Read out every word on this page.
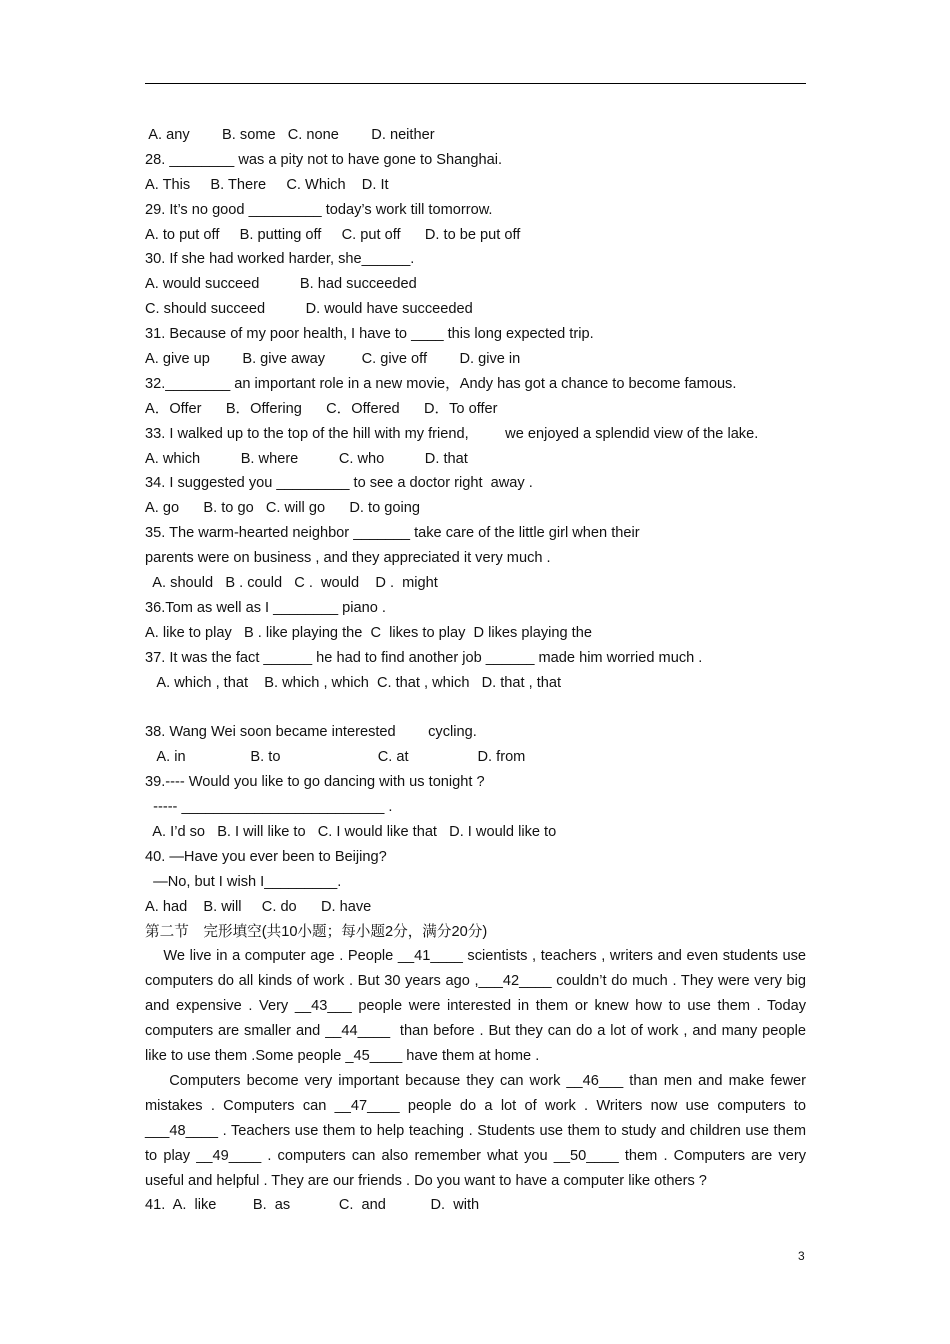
A. any        B. some   C. none        D. neither
28. ________ was a pity not to have gone to Shanghai.
A. This     B. There     C. Which    D. It
29. It’s no good _________ today’s work till tomorrow.
A. to put off     B. putting off     C. put off      D. to be put off
30. If she had worked harder, she______.
A. would succeed          B. had succeeded
C. should succeed          D. would have succeeded
31. Because of my poor health, I have to ____ this long expected trip.
A. give up        B. give away         C. give off        D. give in
32.________ an important role in a new movie，Andy has got a chance to become famous.
A．Offer      B．Offering      C．Offered      D．To offer
33. I walked up to the top of the hill with my friend,         we enjoyed a splendid view of the lake.
A. which          B. where          C. who          D. that
34. I suggested you _________ to see a doctor right  away .
A. go      B. to go   C. will go      D. to going
35. The warm-hearted neighbor _______ take care of the little girl when their
parents were on business , and they appreciated it very much .
A. should   B . could   C .  would    D .  might
36.Tom as well as I ________ piano .
A. like to play   B . like playing the  C  likes to play  D likes playing the
37. It was the fact ______ he had to find another job ______ made him worried much .
A. which , that    B. which , which  C. that , which   D. that , that
38. Wang Wei soon became interested        cycling.
A. in                B. to                        C. at                 D. from
39.---- Would you like to go dancing with us tonight ?
----- _________________________ .
A. I’d so   B. I will like to   C. I would like that   D. I would like to
40. —Have you ever been to Beijing?
—No, but I wish I_________.
A. had    B. will     C. do      D. have
第二节　完形填空(共10小题；每小题2分，满分20分)

We live in a computer age . People __41____ scientists , teachers , writers and even students use computers do all kinds of work . But 30 years ago ,___42____ couldn’t do much . They were very big and expensive . Very __43___ people were interested in them or knew how to use them . Today computers are smaller and __44____  than before . But they can do a lot of work , and many people like to use them .Some people _45____ have them at home .

Computers become very important because they can work __46___ than men and make fewer mistakes . Computers can __47____ people do a lot of work . Writers now use computers to ___48____ . Teachers use them to help teaching . Students use them to study and children use them to play __49____ . computers can also remember what you __50____ them . Computers are very useful and helpful . They are our friends . Do you want to have a computer like others ?

41.  A.  like         B.  as            C.  and           D.  with
3
